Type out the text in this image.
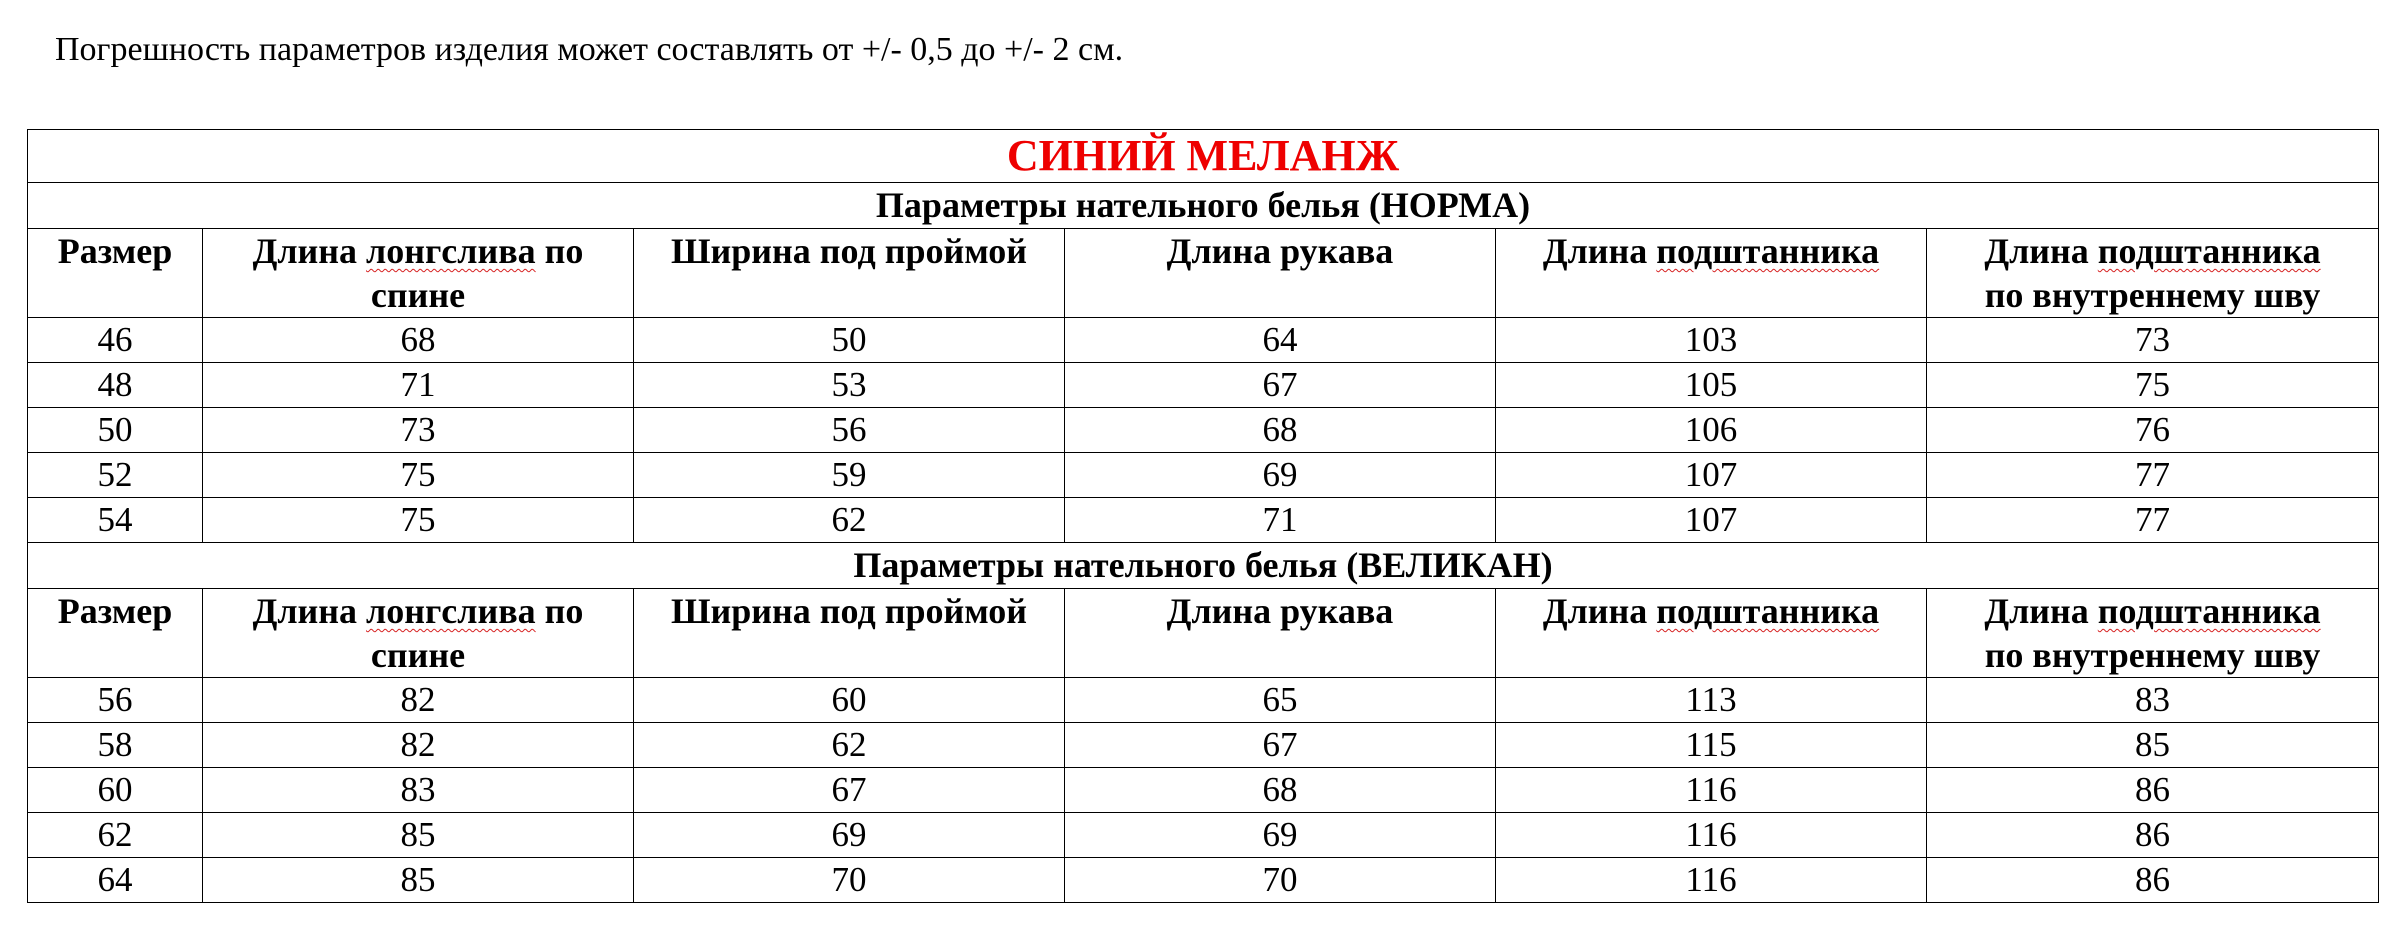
Погрешность параметров изделия может составлять от +/- 0,5 до +/- 2 см.
СИНИЙ МЕЛАНЖ					
Параметры нательного белья (НОРМА)					
Размер	Длина лонгслива по спине	Ширина под проймой	Длина рукава	Длина подштанника	Длина подштанника
по внутреннему шву
46	68	50	64	103	73
48	71	53	67	105	75
50	73	56	68	106	76
52	75	59	69	107	77
54	75	62	71	107	77
Параметры нательного белья (ВЕЛИКАН)					
Размер	Длина лонгслива по спине	Ширина под проймой	Длина рукава	Длина подштанника	Длина подштанника
по внутреннему шву
56	82	60	65	113	83
58	82	62	67	115	85
60	83	67	68	116	86
62	85	69	69	116	86
64	85	70	70	116	86
